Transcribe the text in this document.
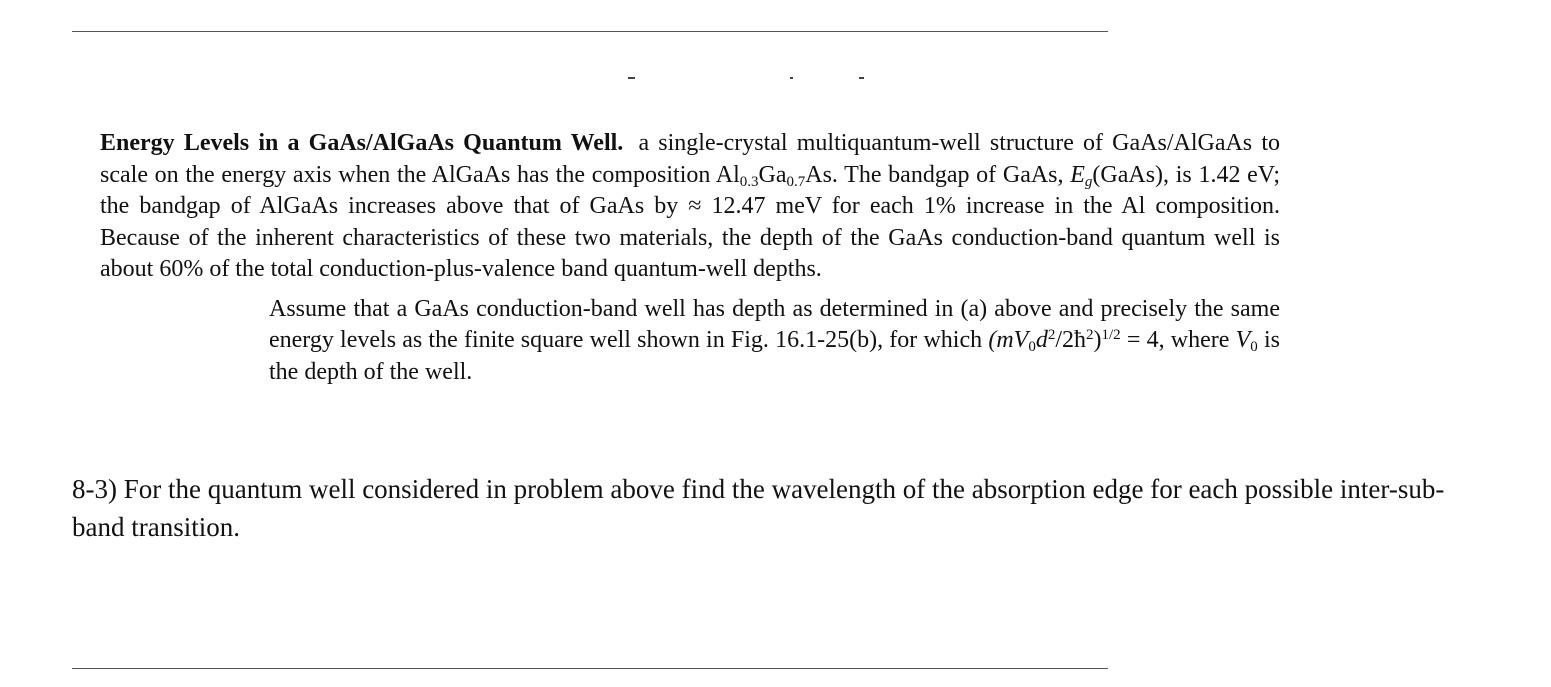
Energy Levels in a GaAs/AlGaAs Quantum Well. a single-crystal multiquantum-well structure of GaAs/AlGaAs to scale on the energy axis when the AlGaAs has the composition $Al_{0.3}Ga_{0.7}As$. The bandgap of GaAs, $E_g(GaAs)$, is 1.42 eV; the bandgap of AlGaAs increases above that of GaAs by ≈ 12.47 meV for each 1% increase in the Al composition. Because of the inherent characteristics of these two materials, the depth of the GaAs conduction-band quantum well is about 60% of the total conduction-plus-valence band quantum-well depths.

Assume that a GaAs conduction-band well has depth as determined in (a) above and precisely the same energy levels as the finite square well shown in Fig. 16.1-25(b), for which $(mV_0d^2/2ħ^2)^{1/2} = 4$, where $V_0$ is the depth of the well.

8-3) For the quantum well considered in problem above find the wavelength of the absorption edge for each possible inter-sub-band transition.
